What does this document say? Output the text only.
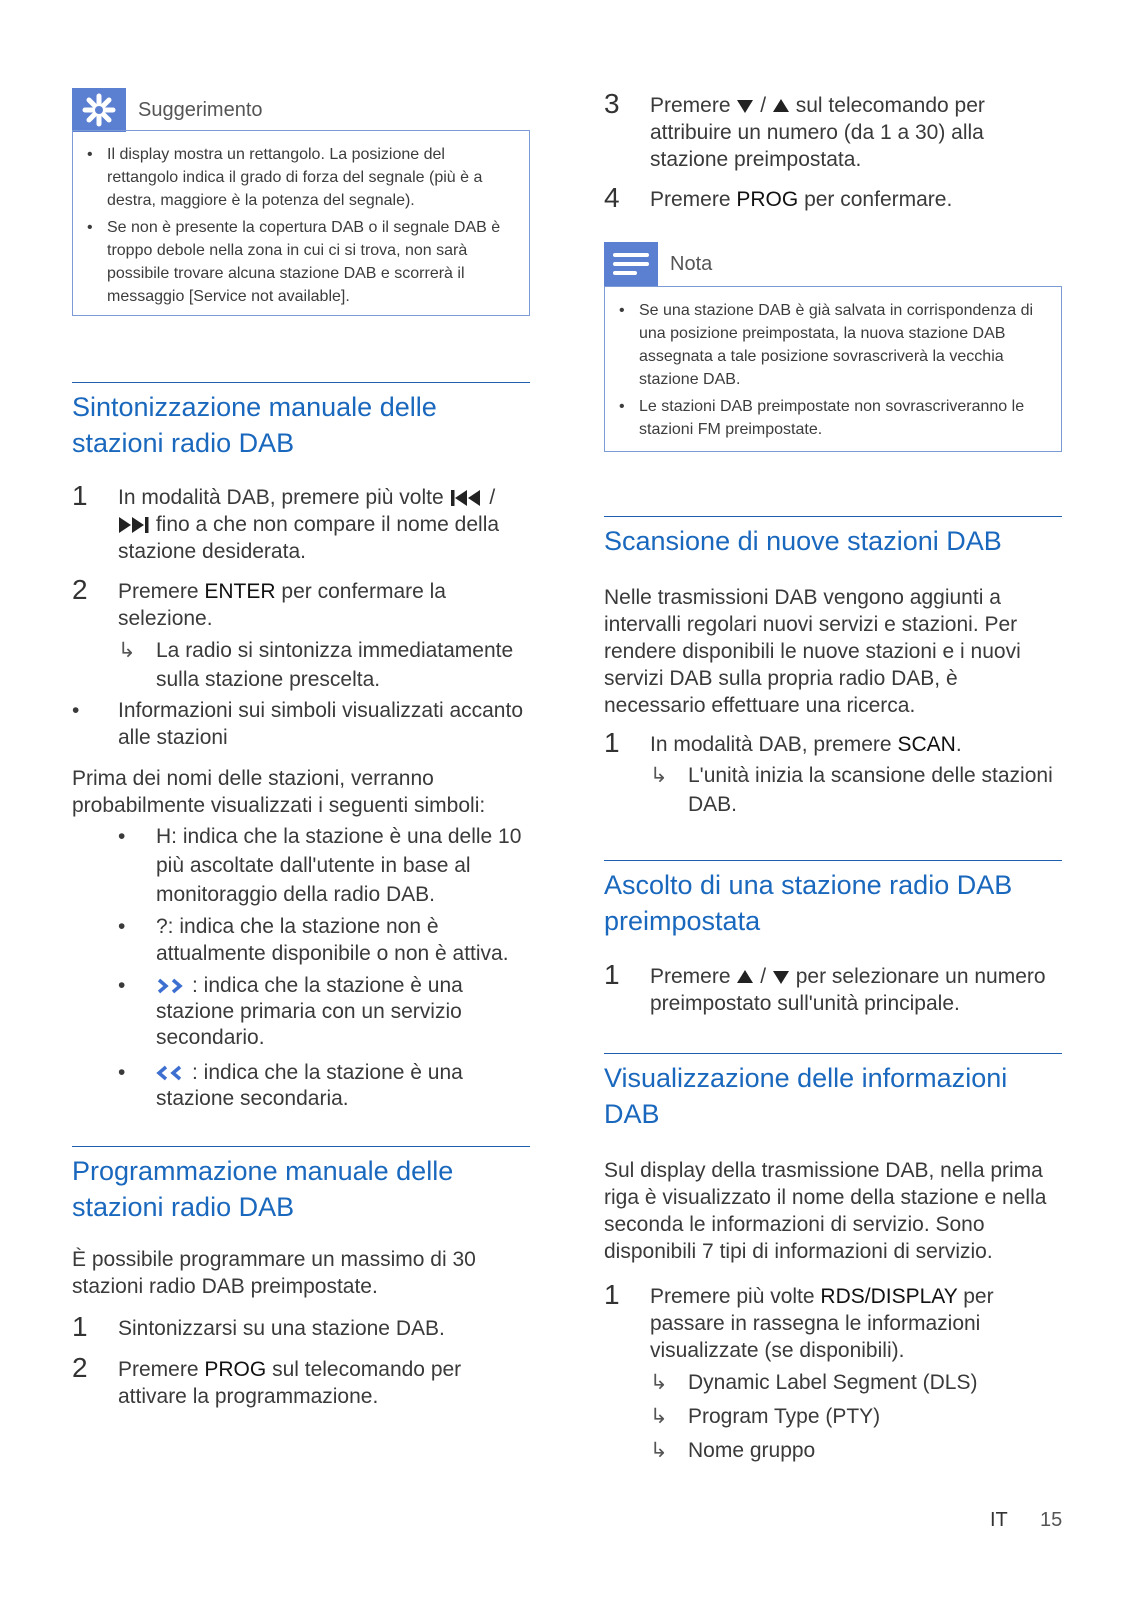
Suggerimento
• Il display mostra un rettangolo. La posizione del rettangolo indica il grado di forza del segnale (più è a destra, maggiore è la potenza del segnale).
• Se non è presente la copertura DAB o il segnale DAB è troppo debole nella zona in cui ci si trova, non sarà possibile trovare alcuna stazione DAB e scorrerà il messaggio [Service not available].
Sintonizzazione manuale delle stazioni radio DAB
1 In modalità DAB, premere più volte /
fino a che non compare il nome della stazione desiderata.
2 Premere ENTER per confermare la selezione.
↳ La radio si sintonizza immediatamente sulla stazione prescelta.
• Informazioni sui simboli visualizzati accanto alle stazioni
Prima dei nomi delle stazioni, verranno probabilmente visualizzati i seguenti simboli:
• H: indica che la stazione è una delle 10 più ascoltate dall'utente in base al monitoraggio della radio DAB.
• ?: indica che la stazione non è attualmente disponibile o non è attiva.
•	: indica che la stazione è una stazione primaria con un servizio secondario.
•	: indica che la stazione è una stazione secondaria.
Programmazione manuale delle stazioni radio DAB
È possibile programmare un massimo di 30 stazioni radio DAB preimpostate.
1 Sintonizzarsi su una stazione DAB.
2 Premere PROG sul telecomando per attivare la programmazione.
3 Premere / sul telecomando per attribuire un numero (da 1 a 30) alla stazione preimpostata.
4 Premere PROG per confermare.
Nota
• Se una stazione DAB è già salvata in corrispondenza di una posizione preimpostata, la nuova stazione DAB assegnata a tale posizione sovrascriverà la vecchia stazione DAB.
• Le stazioni DAB preimpostate non sovrascriveranno le stazioni FM preimpostate.
Scansione di nuove stazioni DAB
Nelle trasmissioni DAB vengono aggiunti a intervalli regolari nuovi servizi e stazioni. Per rendere disponibili le nuove stazioni e i nuovi servizi DAB sulla propria radio DAB, è necessario effettuare una ricerca.
1 In modalità DAB, premere SCAN.
↳ L'unità inizia la scansione delle stazioni DAB.
Ascolto di una stazione radio DAB preimpostata
1 Premere / per selezionare un numero preimpostato sull'unità principale.
Visualizzazione delle informazioni DAB
Sul display della trasmissione DAB, nella prima riga è visualizzato il nome della stazione e nella seconda le informazioni di servizio. Sono disponibili 7 tipi di informazioni di servizio.
1 Premere più volte RDS/DISPLAY per passare in rassegna le informazioni visualizzate (se disponibili).
↳ Dynamic Label Segment (DLS)
↳ Program Type (PTY)
↳ Nome gruppo
IT 15
